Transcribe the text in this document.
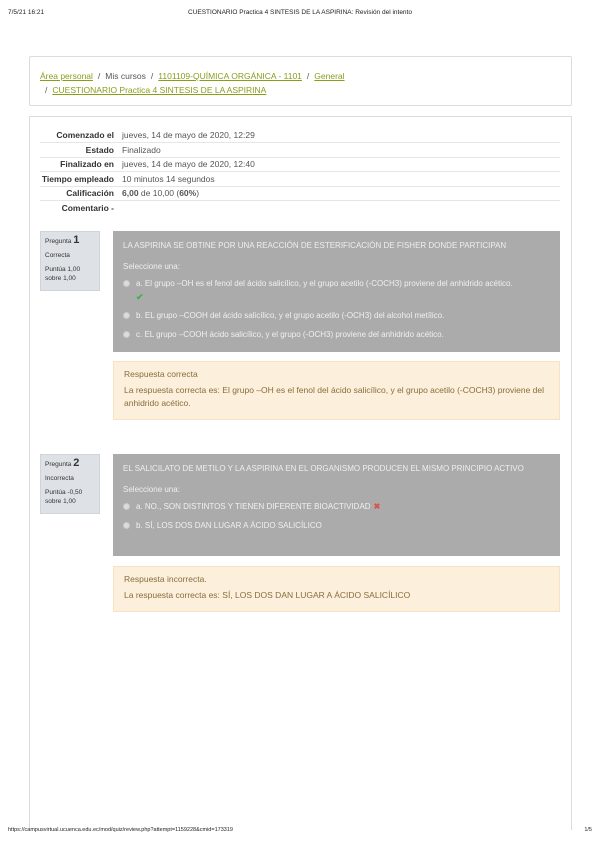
7/5/21 16:21	CUESTIONARIO Practica 4 SINTESIS DE LA ASPIRINA: Revisión del intento
Área personal / Mis cursos / 1101109-QUÍMICA ORGÁNICA - 1101 / General
/ CUESTIONARIO Practica 4 SINTESIS DE LA ASPIRINA
Comenzado el	jueves, 14 de mayo de 2020, 12:29
Estado	Finalizado
Finalizado en	jueves, 14 de mayo de 2020, 12:40
Tiempo empleado	10 minutos 14 segundos
Calificación	6,00 de 10,00 (60%)
Comentario -	
Pregunta 1
Correcta
Puntúa 1,00
sobre 1,00
LA ASPIRINA SE OBTINE POR UNA REACCIÓN DE ESTERIFICACIÓN DE FISHER DONDE PARTICIPAN
Seleccione una:
a. El grupo –OH es el fenol del ácido salicílico, y el grupo acetilo (-COCH3) proviene del anhidrido acético.
✔
b. EL grupo –COOH del ácido salicílico, y el grupo acetilo (-OCH3) del alcohol metílico.
c. EL grupo –COOH ácido salicílico, y el grupo (-OCH3) proviene del anhidrido acético.
Respuesta correcta
La respuesta correcta es: El grupo –OH es el fenol del ácido salicílico, y el grupo acetilo (-COCH3) proviene del anhidrido acético.
Pregunta 2
Incorrecta
Puntúa -0,50
sobre 1,00
EL SALICILATO DE METILO Y LA ASPIRINA EN EL ORGANISMO PRODUCEN EL MISMO PRINCIPIO ACTIVO
Seleccione una:
a. NO., SON DISTINTOS Y TIENEN DIFERENTE BIOACTIVIDAD ✖
b. SÍ, LOS DOS DAN LUGAR A ÁCIDO SALICÍLICO
Respuesta incorrecta.
La respuesta correcta es: SÍ, LOS DOS DAN LUGAR A ÁCIDO SALICÍLICO
https://campusvirtual.ucuenca.edu.ec/mod/quiz/review.php?attempt=1159228&cmid=173319	1/5
